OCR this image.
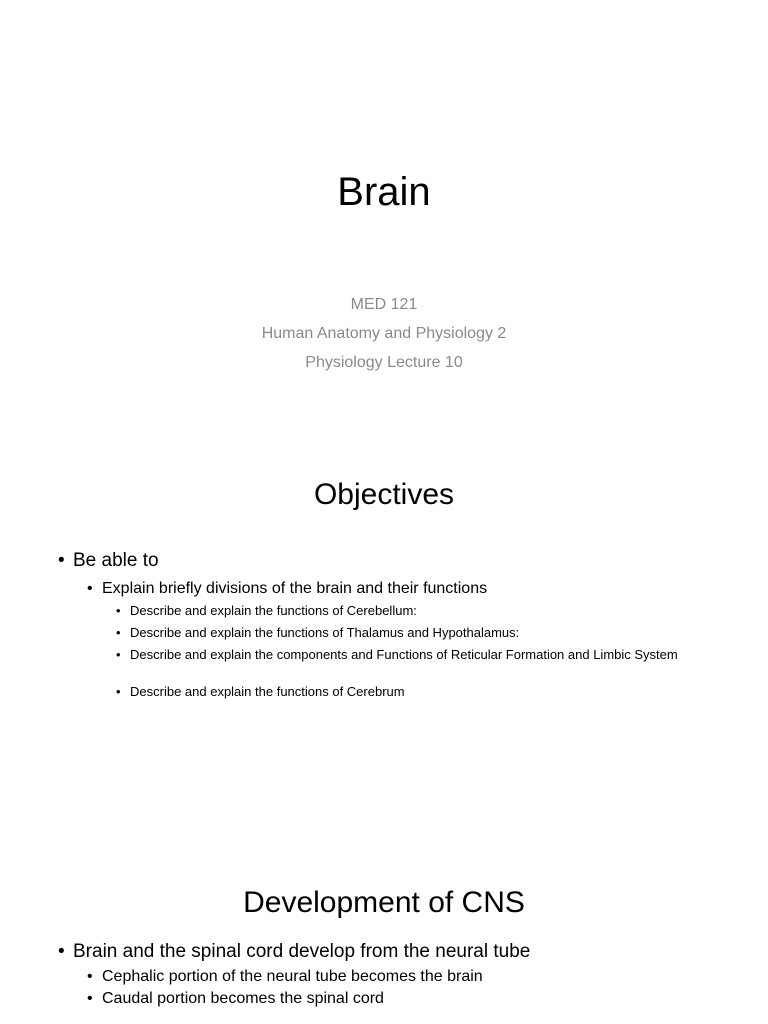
Brain
MED 121
Human Anatomy and Physiology 2
Physiology Lecture 10
Objectives
• Be able to
• Explain briefly divisions of the brain and their functions
• Describe and explain the functions of Cerebellum:
• Describe and explain the functions of Thalamus and Hypothalamus:
• Describe and explain the components and Functions of Reticular Formation and Limbic System
• Describe and explain the functions of Cerebrum
Development of CNS
• Brain and the spinal cord develop from the neural tube
• Cephalic portion of the neural tube becomes the brain
• Caudal portion becomes the spinal cord
